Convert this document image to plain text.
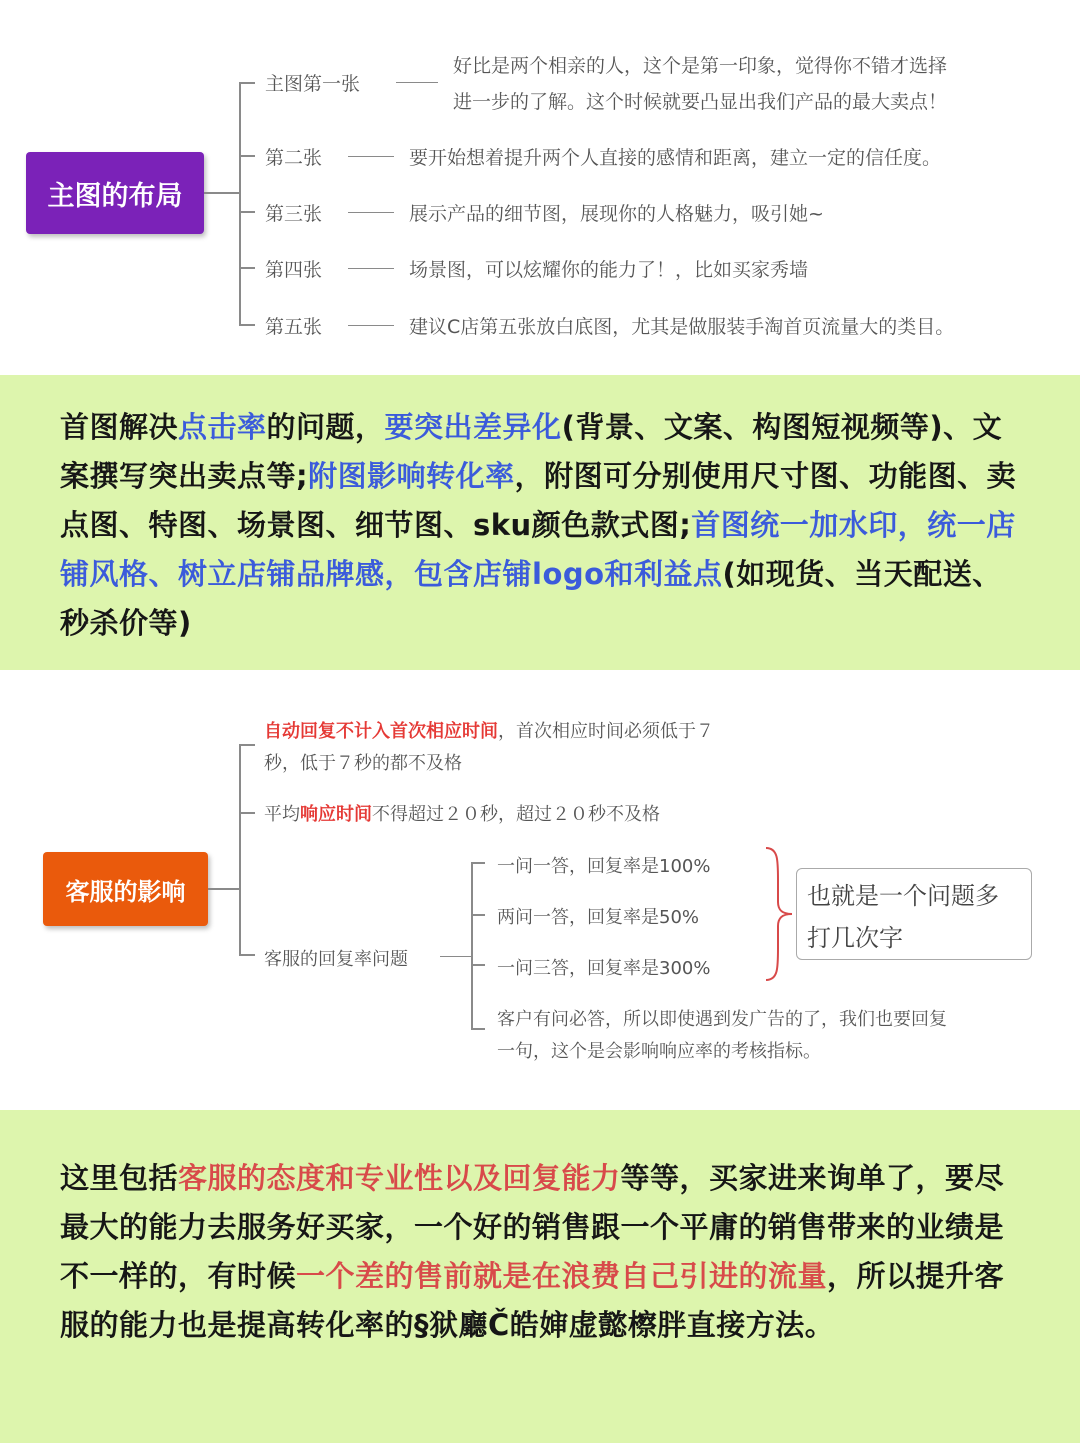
主图的布局
主图第一张
好比是两个相亲的人，这个是第一印象，觉得你不错才选择
进一步的了解。这个时候就要凸显出我们产品的最大卖点！
第二张	要开始想着提升两个人直接的感情和距离，建立一定的信任度。
第三张	展示产品的细节图，展现你的人格魅力，吸引她~
第四张	场景图，可以炫耀你的能力了！，比如买家秀墙
第五张	建议C店第五张放白底图，尤其是做服装手淘首页流量大的类目。
首图解决点击率的问题，要突出差异化(背景、文案、构图短视频等)、文案撰写突出卖点等;附图影响转化率，附图可分别使用尺寸图、功能图、卖点图、特图、场景图、细节图、sku颜色款式图;首图统一加水印，统一店铺风格、树立店铺品牌感，包含店铺logo和利益点(如现货、当天配送、秒杀价等)
客服的影响
自动回复不计入首次相应时间，首次相应时间必须低于７
秒，低于７秒的都不及格
平均响应时间不得超过２０秒，超过２０秒不及格
客服的回复率问题
一问一答，回复率是100%
两问一答，回复率是50%
一问三答，回复率是300%
客户有问必答，所以即使遇到发广告的了，我们也要回复
一句，这个是会影响响应率的考核指标。
也就是一个问题多
打几次字
这里包括客服的态度和专业性以及回复能力等等，买家进来询单了，要尽最大的能力去服务好买家，一个好的销售跟一个平庸的销售带来的业绩是不一样的，有时候一个差的售前就是在浪费自己引进的流量，所以提升客服的能力也是提高转化率的§狱廳Č皓婶虚懿檫胖直接方法。
